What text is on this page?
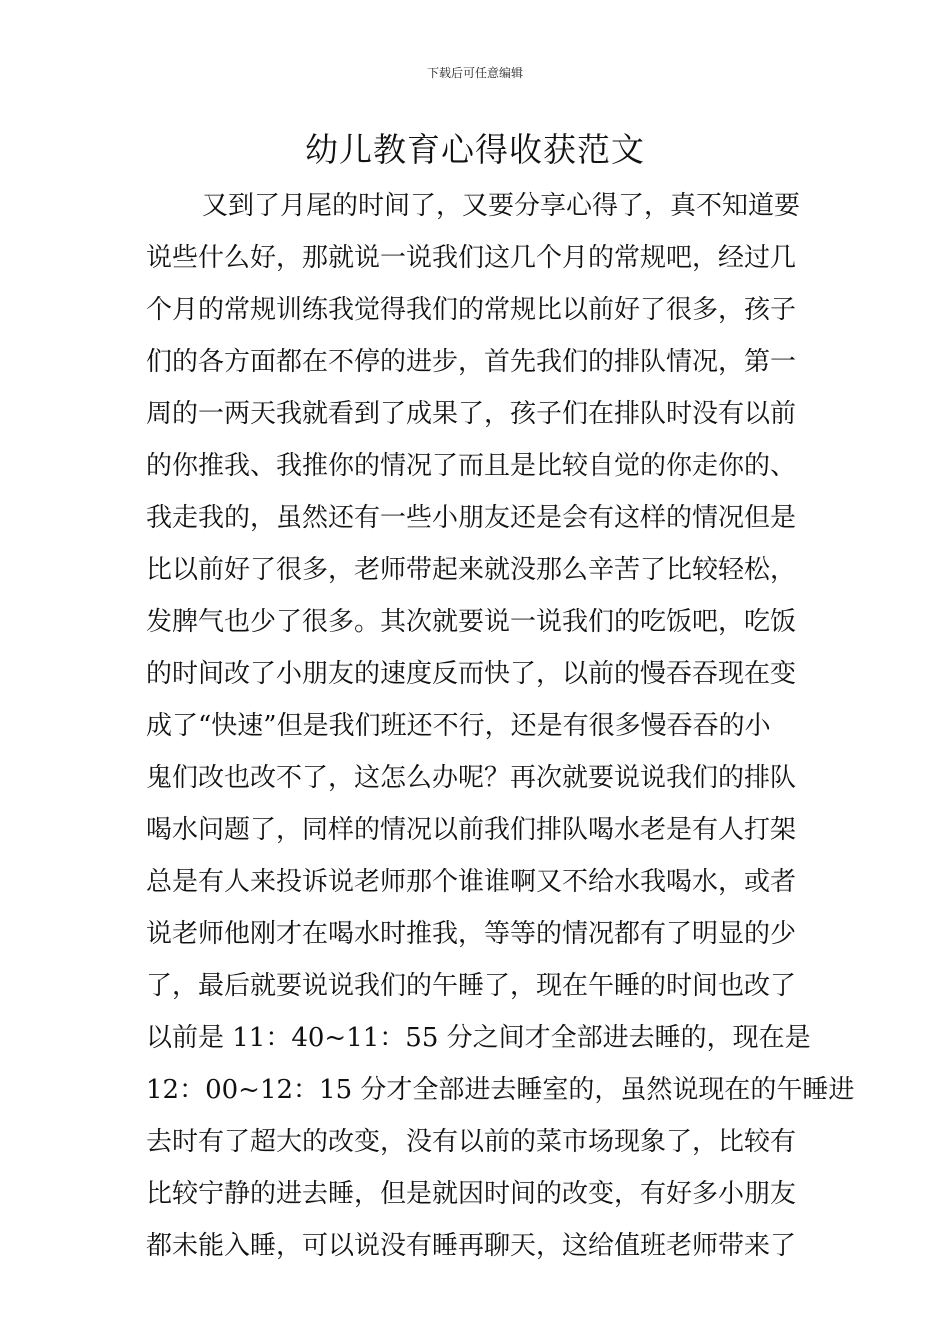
下载后可任意编辑
幼儿教育心得收获范文
又到了月尾的时间了，又要分享心得了，真不知道要
说些什么好，那就说一说我们这几个月的常规吧，经过几
个月的常规训练我觉得我们的常规比以前好了很多，孩子
们的各方面都在不停的进步，首先我们的排队情况，第一
周的一两天我就看到了成果了，孩子们在排队时没有以前
的你推我、我推你的情况了而且是比较自觉的你走你的、
我走我的，虽然还有一些小朋友还是会有这样的情况但是
比以前好了很多，老师带起来就没那么辛苦了比较轻松，
发脾气也少了很多。其次就要说一说我们的吃饭吧，吃饭
的时间改了小朋友的速度反而快了，以前的慢吞吞现在变
成了“快速”但是我们班还不行，还是有很多慢吞吞的小
鬼们改也改不了，这怎么办呢？再次就要说说我们的排队
喝水问题了，同样的情况以前我们排队喝水老是有人打架
总是有人来投诉说老师那个谁谁啊又不给水我喝水，或者
说老师他刚才在喝水时推我，等等的情况都有了明显的少
了，最后就要说说我们的午睡了，现在午睡的时间也改了
以前是 11：40~11：55 分之间才全部进去睡的，现在是
12：00~12：15 分才全部进去睡室的，虽然说现在的午睡进
去时有了超大的改变，没有以前的菜市场现象了，比较有
比较宁静的进去睡，但是就因时间的改变，有好多小朋友
都未能入睡，可以说没有睡再聊天，这给值班老师带来了
